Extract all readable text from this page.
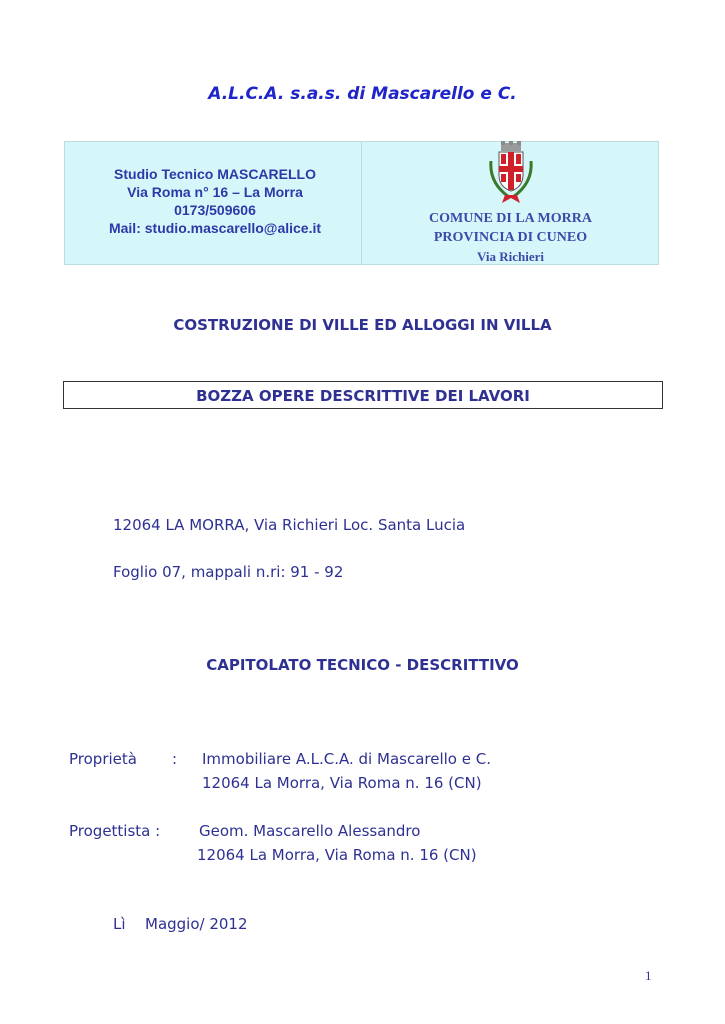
A.L.C.A. s.a.s. di Mascarello e C.
Studio Tecnico MASCARELLO
Via Roma n° 16 – La Morra
0173/509606
Mail: studio.mascarello@alice.it
COMUNE DI LA MORRA
PROVINCIA DI CUNEO
Via Richieri
COSTRUZIONE DI VILLE ED ALLOGGI IN VILLA
BOZZA OPERE DESCRITTIVE DEI LAVORI
12064 LA MORRA, Via Richieri Loc. Santa Lucia
Foglio 07, mappali n.ri: 91 - 92
CAPITOLATO TECNICO - DESCRITTIVO
Proprietà : Immobiliare A.L.C.A. di Mascarello e C.
12064 La Morra, Via Roma n. 16 (CN)
Progettista :	Geom. Mascarello Alessandro
12064 La Morra, Via Roma n. 16 (CN)
Lì Maggio/ 2012
1
